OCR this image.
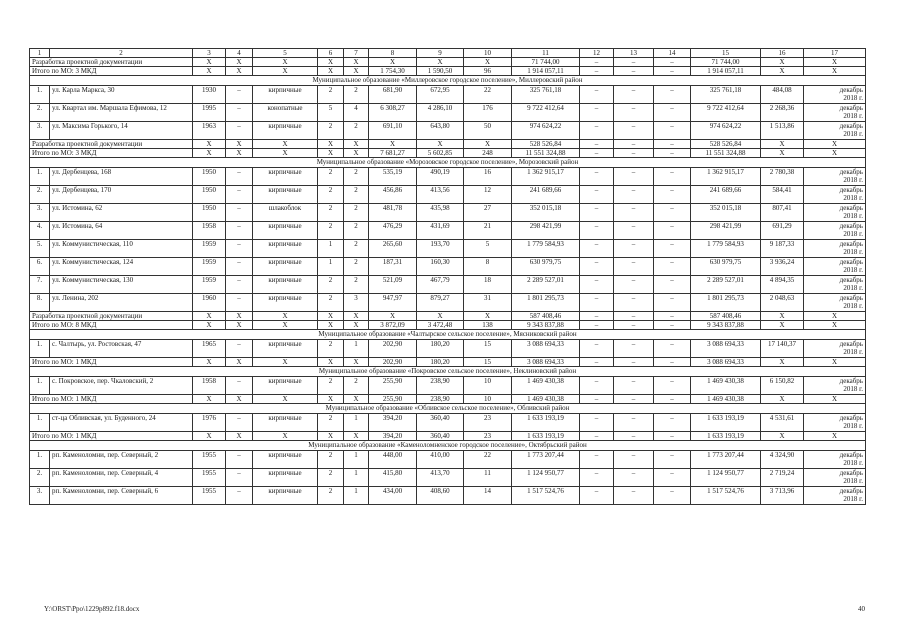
1	2	3	4	5	6	7	8	9	10	11	12	13	14	15	16	17
Разработка проектной документации		X	X	X	X	X	X	X	X	71 744,00	–	–	–	71 744,00	X	X
Итого по МО: 3 МКД		X	X	X	X	X	1 754,30	1 590,50	96	1 914 057,11	–	–	–	1 914 057,11	X	X
Муниципальное образование «Миллеровское городское поселение», Миллеровский район																
1.	ул. Карла Маркса, 30	1930	–	кирпичные	2	2	681,90	672,95	22	325 761,18	–	–	–	325 761,18	484,08	декабрь
2018 г.

2.	ул. Квартал им. Маршала Ефимова, 12	1995	–	конопатные	5	4	6 308,27	4 286,10	176	9 722 412,64	–	–	–	9 722 412,64	2 268,36	декабрь
2018 г.

3.	ул. Максима Горького, 14	1963	–	кирпичные	2	2	691,10	643,80	50	974 624,22	–	–	–	974 624,22	1 513,86	декабрь
2018 г.

Разработка проектной документации		X	X	X	X	X	X	X	X	528 526,84	–	–	–	528 526,84	X	X
Итого по МО: 3 МКД		X	X	X	X	X	7 681,27	5 602,85	248	11 551 324,88	–	–	–	11 551 324,88	X	X
Муниципальное образование «Морозовское городское поселение», Морозовский район																
1.	ул. Дербенцева, 168	1950	–	кирпичные	2	2	535,19	490,19	16	1 362 915,17	–	–	–	1 362 915,17	2 780,38	декабрь
2018 г.

2.	ул. Дербенцева, 170	1950	–	кирпичные	2	2	456,86	413,56	12	241 689,66	–	–	–	241 689,66	584,41	декабрь
2018 г.

3.	ул. Истомина, 62	1950	–	шлакоблок	2	2	481,78	435,98	27	352 015,18	–	–	–	352 015,18	807,41	декабрь
2018 г.

4.	ул. Истомина, 64	1958	–	кирпичные	2	2	476,29	431,69	21	298 421,99	–	–	–	298 421,99	691,29	декабрь
2018 г.

5.	ул. Коммунистическая, 110	1959	–	кирпичные	1	2	265,60	193,70	5	1 779 584,93	–	–	–	1 779 584,93	9 187,33	декабрь
2018 г.

6.	ул. Коммунистическая, 124	1959	–	кирпичные	1	2	187,31	160,30	8	630 979,75	–	–	–	630 979,75	3 936,24	декабрь
2018 г.

7.	ул. Коммунистическая, 130	1959	–	кирпичные	2	2	521,09	467,79	18	2 289 527,01	–	–	–	2 289 527,01	4 894,35	декабрь
2018 г.

8.	ул. Ленина, 202	1960	–	кирпичные	2	3	947,97	879,27	31	1 801 295,73	–	–	–	1 801 295,73	2 048,63	декабрь
2018 г.

Разработка проектной документации		X	X	X	X	X	X	X	X	587 408,46	–	–	–	587 408,46	X	X
Итого по МО: 8 МКД		X	X	X	X	X	3 872,09	3 472,48	138	9 343 837,88	–	–	–	9 343 837,88	X	X
Муниципальное образование «Чалтырское сельское поселение», Мясниковский район																
1.	с. Чалтырь, ул. Ростовская, 47	1965	–	кирпичные	2	1	202,90	180,20	15	3 088 694,33	–	–	–	3 088 694,33	17 140,37	декабрь
2018 г.

Итого по МО: 1 МКД		X	X	X	X	X	202,90	180,20	15	3 088 694,33	–	–	–	3 088 694,33	X	X
Муниципальное образование «Покровское сельское поселение», Неклиновский район																
1.	с. Покровское, пер. Чкаловский, 2	1958	–	кирпичные	2	2	255,90	238,90	10	1 469 430,38	–	–	–	1 469 430,38	6 150,82	декабрь
2018 г.

Итого по МО: 1 МКД		X	X	X	X	X	255,90	238,90	10	1 469 430,38	–	–	–	1 469 430,38	X	X
Муниципальное образование «Обливское сельское поселение», Обливский район																
1.	ст-ца Обливская, ул. Буденного, 24	1976	–	кирпичные	2	1	394,20	360,40	23	1 633 193,19	–	–	–	1 633 193,19	4 531,61	декабрь
2018 г.

Итого по МО: 1 МКД		X	X	X	X	X	394,20	360,40	23	1 633 193,19	–	–	–	1 633 193,19	X	X
Муниципальное образование «Каменоломненское городское поселение», Октябрьский район																
1.	рп. Каменоломни, пер. Северный, 2	1955	–	кирпичные	2	1	448,00	410,00	22	1 773 207,44	–	–	–	1 773 207,44	4 324,90	декабрь
2018 г.

2.	рп. Каменоломни, пер. Северный, 4	1955	–	кирпичные	2	1	415,80	413,70	11	1 124 950,77	–	–	–	1 124 950,77	2 719,24	декабрь
2018 г.

3.	рп. Каменоломни, пер. Северный, 6	1955	–	кирпичные	2	1	434,00	408,60	14	1 517 524,76	–	–	–	1 517 524,76	3 713,96	декабрь
2018 г.
Y:\ORST\Ppo\1229p892.f18.docx	40
